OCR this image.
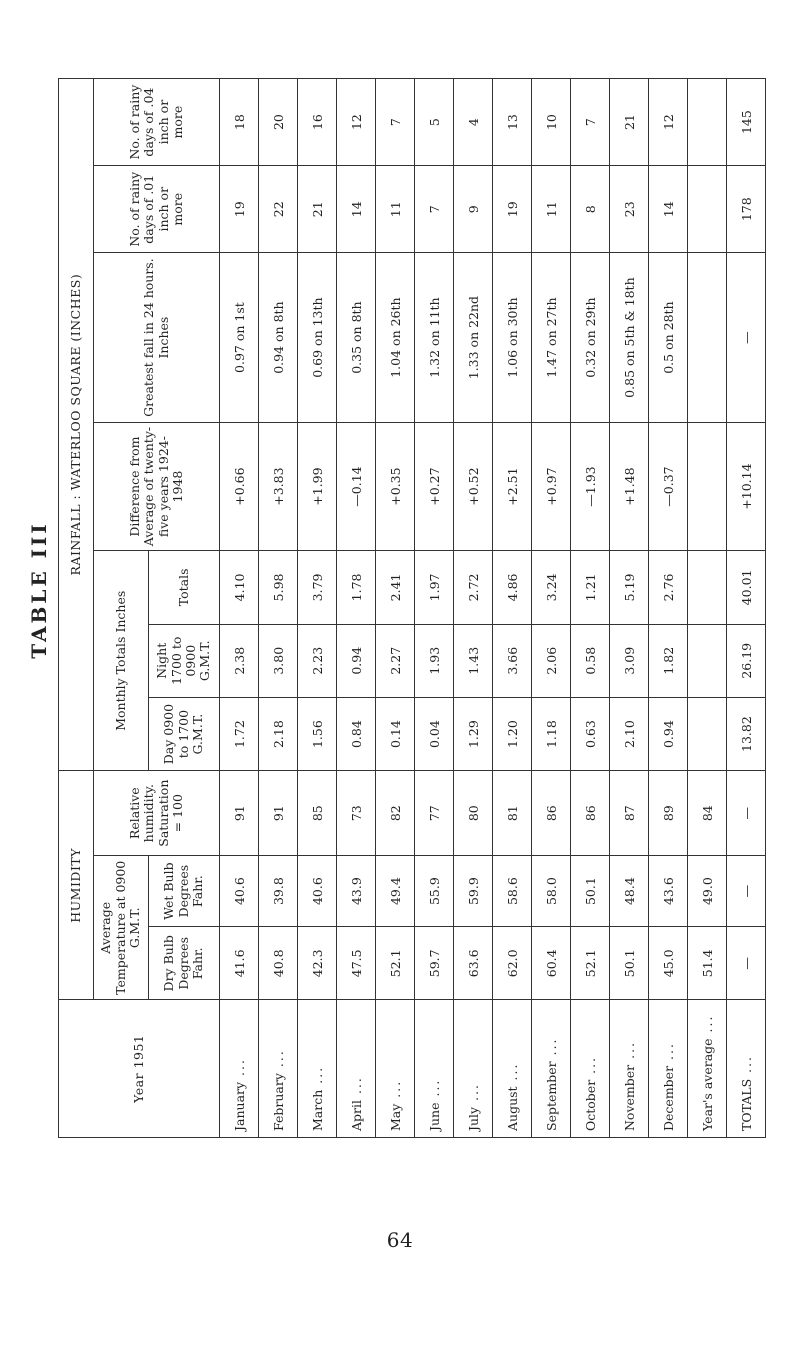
TABLE III
Year 1951	HUMIDITY			RAINFALL : WATERLOO SQUARE (INCHES)						
	Average Temperature at 0900 G.M.T.		Relative humidity. Saturation = 100	Monthly Totals Inches			Difference from Average of twenty-five years 1924-1948	Greatest fall in 24 hours. Inches	No. of rainy days of .01 inch or more	No. of rainy days of .04 inch or more
	Dry Bulb Degrees Fahr.	Wet Bulb Degrees Fahr.		Day 0900 to 1700 G.M.T.	Night 1700 to 0900 G.M.T.	Totals				
January ...	41.6	40.6	91	1.72	2.38	4.10	+0.66	0.97 on 1st	19	18
February ...	40.8	39.8	91	2.18	3.80	5.98	+3.83	0.94 on 8th	22	20
March ...	42.3	40.6	85	1.56	2.23	3.79	+1.99	0.69 on 13th	21	16
April ...	47.5	43.9	73	0.84	0.94	1.78	—0.14	0.35 on 8th	14	12
May ...	52.1	49.4	82	0.14	2.27	2.41	+0.35	1.04 on 26th	11	7
June ...	59.7	55.9	77	0.04	1.93	1.97	+0.27	1.32 on 11th	7	5
July ...	63.6	59.9	80	1.29	1.43	2.72	+0.52	1.33 on 22nd	9	4
August ...	62.0	58.6	81	1.20	3.66	4.86	+2.51	1.06 on 30th	19	13
September ...	60.4	58.0	86	1.18	2.06	3.24	+0.97	1.47 on 27th	11	10
October ...	52.1	50.1	86	0.63	0.58	1.21	—1.93	0.32 on 29th	8	7
November ...	50.1	48.4	87	2.10	3.09	5.19	+1.48	0.85 on 5th & 18th	23	21
December ...	45.0	43.6	89	0.94	1.82	2.76	—0.37	0.5 on 28th	14	12
Year's average ...	51.4	49.0	84							
TOTALS ...	—	—	—	13.82	26.19	40.01	+10.14	—	178	145
64
